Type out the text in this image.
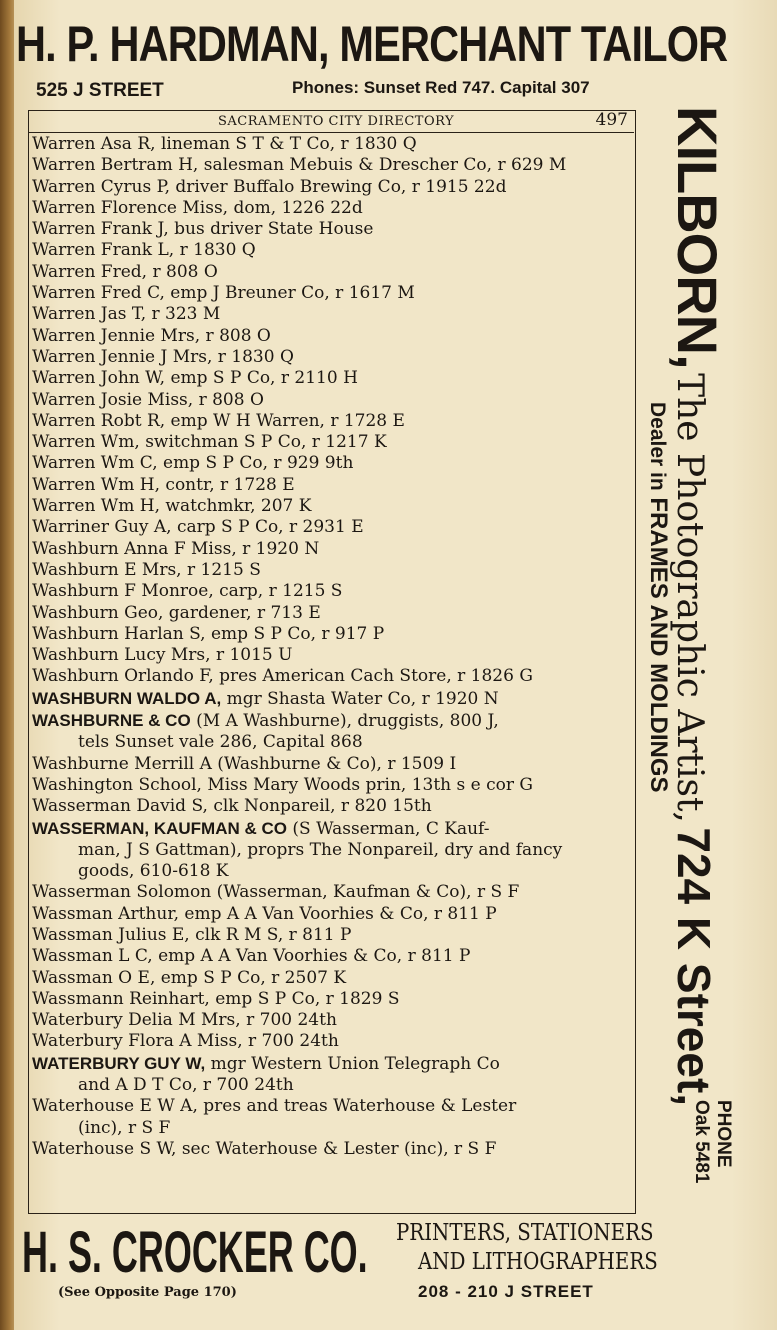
H. P. HARDMAN, MERCHANT TAILOR
525 J STREET	Phones: Sunset Red 747. Capital 307
SACRAMENTO CITY DIRECTORY	497
Warren Asa R, lineman S T & T Co, r 1830 Q
Warren Bertram H, salesman Mebuis & Drescher Co, r 629 M
Warren Cyrus P, driver Buffalo Brewing Co, r 1915 22d
Warren Florence Miss, dom, 1226 22d
Warren Frank J, bus driver State House
Warren Frank L, r 1830 Q
Warren Fred, r 808 O
Warren Fred C, emp J Breuner Co, r 1617 M
Warren Jas T, r 323 M
Warren Jennie Mrs, r 808 O
Warren Jennie J Mrs, r 1830 Q
Warren John W, emp S P Co, r 2110 H
Warren Josie Miss, r 808 O
Warren Robt R, emp W H Warren, r 1728 E
Warren Wm, switchman S P Co, r 1217 K
Warren Wm C, emp S P Co, r 929 9th
Warren Wm H, contr, r 1728 E
Warren Wm H, watchmkr, 207 K
Warriner Guy A, carp S P Co, r 2931 E
Washburn Anna F Miss, r 1920 N
Washburn E Mrs, r 1215 S
Washburn F Monroe, carp, r 1215 S
Washburn Geo, gardener, r 713 E
Washburn Harlan S, emp S P Co, r 917 P
Washburn Lucy Mrs, r 1015 U
Washburn Orlando F, pres American Cach Store, r 1826 G
WASHBURN WALDO A, mgr Shasta Water Co, r 1920 N
WASHBURNE & CO (M A Washburne), druggists, 800 J,
tels Sunset vale 286, Capital 868
Washburne Merrill A (Washburne & Co), r 1509 I
Washington School, Miss Mary Woods prin, 13th s e cor G
Wasserman David S, clk Nonpareil, r 820 15th
WASSERMAN, KAUFMAN & CO (S Wasserman, C Kauf-
man, J S Gattman), proprs The Nonpareil, dry and fancy
goods, 610-618 K
Wasserman Solomon (Wasserman, Kaufman & Co), r S F
Wassman Arthur, emp A A Van Voorhies & Co, r 811 P
Wassman Julius E, clk R M S, r 811 P
Wassman L C, emp A A Van Voorhies & Co, r 811 P
Wassman O E, emp S P Co, r 2507 K
Wassmann Reinhart, emp S P Co, r 1829 S
Waterbury Delia M Mrs, r 700 24th
Waterbury Flora A Miss, r 700 24th
WATERBURY GUY W, mgr Western Union Telegraph Co
and A D T Co, r 700 24th
Waterhouse E W A, pres and treas Waterhouse & Lester
(inc), r S F
Waterhouse S W, sec Waterhouse & Lester (inc), r S F
KILBORN, The Photographic Artist, 724 K Street,
Dealer in FRAMES AND MOLDINGS
PHONE
Oak 5481
H. S. CROCKER CO. PRINTERS, STATIONERS
AND LITHOGRAPHERS
(See Opposite Page 170)	208 - 210 J STREET
